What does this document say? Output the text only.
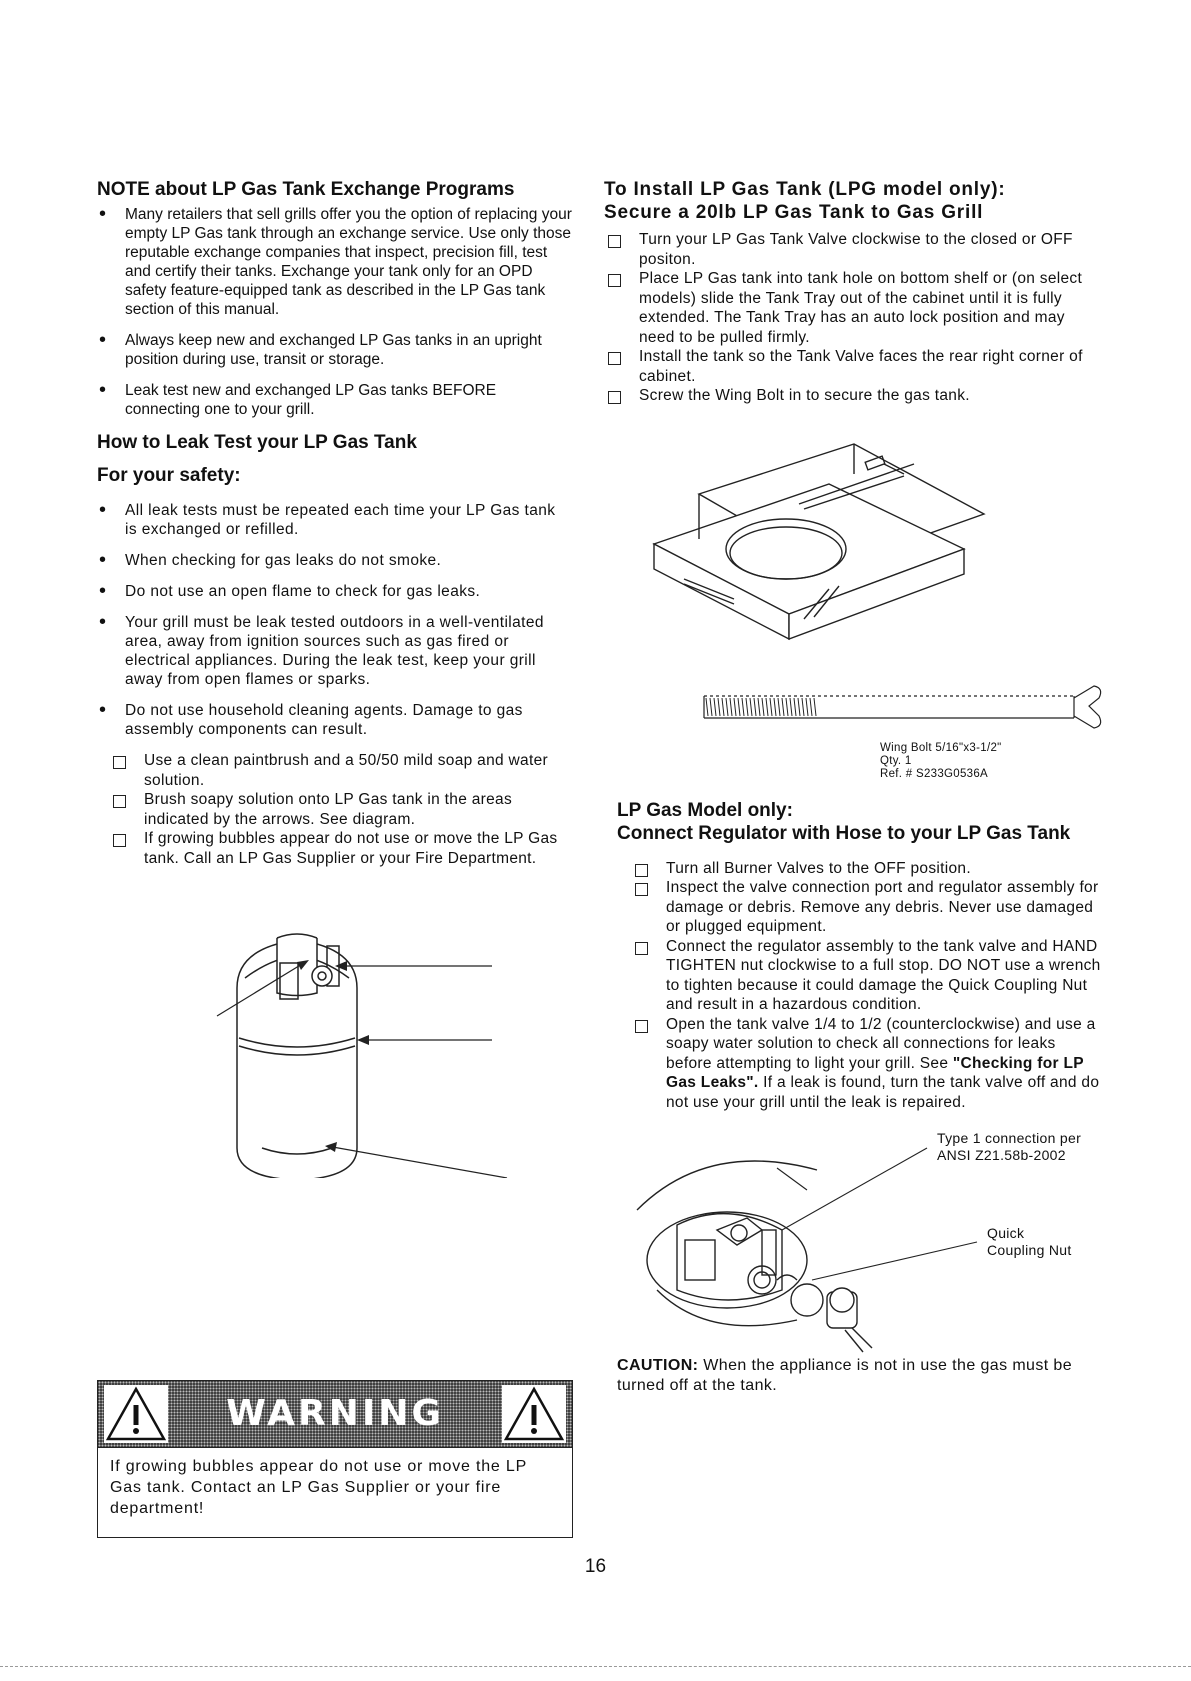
NOTE about LP Gas Tank Exchange Programs
• Many retailers that sell grills offer you the option of replacing your empty LP Gas tank through an exchange service. Use only those reputable exchange companies that inspect, precision fill, test and certify their tanks. Exchange your tank only for an OPD safety feature-equipped tank as described in the LP Gas tank section of this manual.
• Always keep new and exchanged LP Gas tanks in an upright position during use, transit or storage.
• Leak test new and exchanged LP Gas tanks BEFORE connecting one to your grill.
How to Leak Test your LP Gas Tank
For your safety:
• All leak tests must be repeated each time your LP Gas tank is exchanged or refilled.
• When checking for gas leaks do not smoke.
• Do not use an open flame to check for gas leaks.
• Your grill must be leak tested outdoors in a well-ventilated area, away from ignition sources such as gas fired or electrical appliances. During the leak test, keep your grill away from open flames or sparks.
• Do not use household cleaning agents. Damage to gas assembly components can result.
Use a clean paintbrush and a 50/50 mild soap and water solution.
Brush soapy solution onto LP Gas tank in the areas indicated by the arrows. See diagram.
If growing bubbles appear do not use or move the LP Gas tank. Call an LP Gas Supplier or your Fire Department.
WARNING
If growing bubbles appear do not use or move the LP Gas tank. Contact an LP Gas Supplier or your fire department!
To Install LP Gas Tank (LPG model only):
Secure a 20lb LP Gas Tank to Gas Grill
Turn your LP Gas Tank Valve clockwise to the closed or OFF positon.
Place LP Gas tank into tank hole on bottom shelf or (on select models) slide the Tank Tray out of the cabinet until it is fully extended. The Tank Tray has an auto lock position and may need to be pulled firmly.
Install the tank so the Tank Valve faces the rear right corner of cabinet.
Screw the Wing Bolt in to secure the gas tank.
Wing Bolt 5/16"x3-1/2"
Qty. 1
Ref. # S233G0536A
LP Gas Model only:
Connect Regulator with Hose to your LP Gas Tank
Turn all Burner Valves to the OFF position.
Inspect the valve connection port and regulator assembly for damage or debris. Remove any debris. Never use damaged or plugged equipment.
Connect the regulator assembly to the tank valve and HAND TIGHTEN nut clockwise to a full stop. DO NOT use a wrench to tighten because it could damage the Quick Coupling Nut and result in a hazardous condition.
Open the tank valve 1/4 to 1/2 (counterclockwise) and use a soapy water solution to check all connections for leaks before attempting to light your grill. See "Checking for LP Gas Leaks". If a leak is found, turn the tank valve off and do not use your grill until the leak is repaired.
Type 1 connection per
ANSI Z21.58b-2002
Quick
Coupling Nut
CAUTION: When the appliance is not in use the gas must be turned off at the tank.
16
